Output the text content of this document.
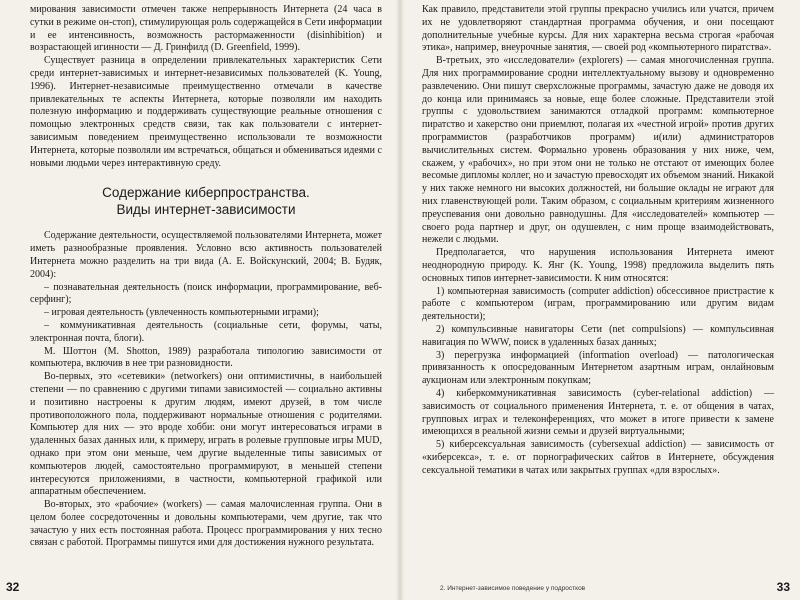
мирования зависимости отмечен также непрерывность Интернета (24 часа в сутки в режиме он-стоп), стимулирующая роль содержащейся в Сети информации и ее интенсивность, возможность растормаженности (disinhibition) и возрастающей игинности — Д. Гринфилд (D. Greenfield, 1999).

Существует разница в определении привлекательных характеристик Сети среди интернет-зависимых и интернет-независимых пользователей (K. Young, 1996). Интернет-независимые преимущественно отмечали в качестве привлекательных те аспекты Интернета, которые позволяли им находить полезную информацию и поддерживать существующие реальные отношения с помощью электронных средств связи, так как пользователи с интернет-зависимым поведением преимущественно использовали те возможности Интернета, которые позволяли им встречаться, общаться и обмениваться идеями с новыми людьми через интерактивную среду.

Содержание киберпространства.
Виды интернет-зависимости

Содержание деятельности, осуществляемой пользователями Интернета, может иметь разнообразные проявления. Условно всю активность пользователей Интернета можно разделить на три вида (А. Е. Войскунский, 2004; В. Будяк, 2004):

– познавательная деятельность (поиск информации, программирование, веб-серфинг);

– игровая деятельность (увлеченность компьютерными играми);

– коммуникативная деятельность (социальные сети, форумы, чаты, электронная почта, блоги).

М. Шоттон (M. Shotton, 1989) разработала типологию зависимости от компьютера, включив в нее три разновидности.

Во-первых, это «сетевики» (networkers) они оптимистичны, в наибольшей степени — по сравнению с другими типами зависимостей — социально активны и позитивно настроены к другим людям, имеют друзей, в том числе противоположного пола, поддерживают нормальные отношения с родителями. Компьютер для них — это вроде хобби: они могут интересоваться играми в удаленных базах данных или, к примеру, играть в ролевые групповые игры MUD, однако при этом они меньше, чем другие выделенные типы зависимых от компьютеров людей, самостоятельно программируют, в меньшей степени интересуются приложениями, в частности, компьютерной графикой или аппаратным обеспечением.

Во-вторых, это «рабочие» (workers) — самая малочисленная группа. Они в целом более сосредоточенны и довольны компьютерами, чем другие, так что зачастую у них есть постоянная работа. Процесс программирования у них тесно связан с работой. Программы пишутся ими для достижения нужного результата.

32

Как правило, представители этой группы прекрасно учились или учатся, причем их не удовлетворяют стандартная программа обучения, и они посещают дополнительные учебные курсы. Для них характерна весьма строгая «рабочая этика», например, внеурочные занятия, — своей род «компьютерного пиратства».

В-третьих, это «исследователи» (explorers) — самая многочисленная группа. Для них программирование сродни интеллектуальному вызову и одновременно развлечению. Они пишут сверхсложные программы, зачастую даже не доводя их до конца или принимаясь за новые, еще более сложные. Представители этой группы с удовольствием занимаются отладкой программ: компьютерное пиратство и хакерство они приемлют, полагая их «честной игрой» против других программистов (разработчиков программ) и(или) администраторов вычислительных систем. Формально уровень образования у них ниже, чем, скажем, у «рабочих», но при этом они не только не отстают от имеющих более весомые дипломы коллег, но и зачастую превосходят их объемом знаний. Никакой у них также немного ни высоких должностей, ни большие оклады не играют для них главенствующей роли. Таким образом, с социальным критериям жизненного преуспевания они довольно равнодушны. Для «исследователей» компьютер — своего рода партнер и друг, он одушевлен, с ним проще взаимодействовать, нежели с людьми.

Предполагается, что нарушения использования Интернета имеют неоднородную природу. К. Янг (K. Young, 1998) предложила выделить пять основных типов интернет-зависимости. К ним относятся:

1) компьютерная зависимость (computer addiction) обсессивное пристрастие к работе с компьютером (играм, программированию или другим видам деятельности);

2) компульсивные навигаторы Сети (net compulsions) — компульсивная навигация по WWW, поиск в удаленных базах данных;

3) перегрузка информацией (information overload) — патологическая привязанность к опосредованным Интернетом азартным играм, онлайновым аукционам или электронным покупкам;

4) киберкоммуникативная зависимость (cyber-relational addiction) — зависимость от социального применения Интернета, т. е. от общения в чатах, групповых играх и телеконференциях, что может в итоге привести к замене имеющихся в реальной жизни семьи и друзей виртуальными;

5) киберсексуальная зависимость (cybersexual addiction) — зависимость от «киберсекса», т. е. от порнографических сайтов в Интернете, обсуждения сексуальной тематики в чатах или закрытых группах «для взрослых».

2. Интернет-зависимое поведение у подростков	33
